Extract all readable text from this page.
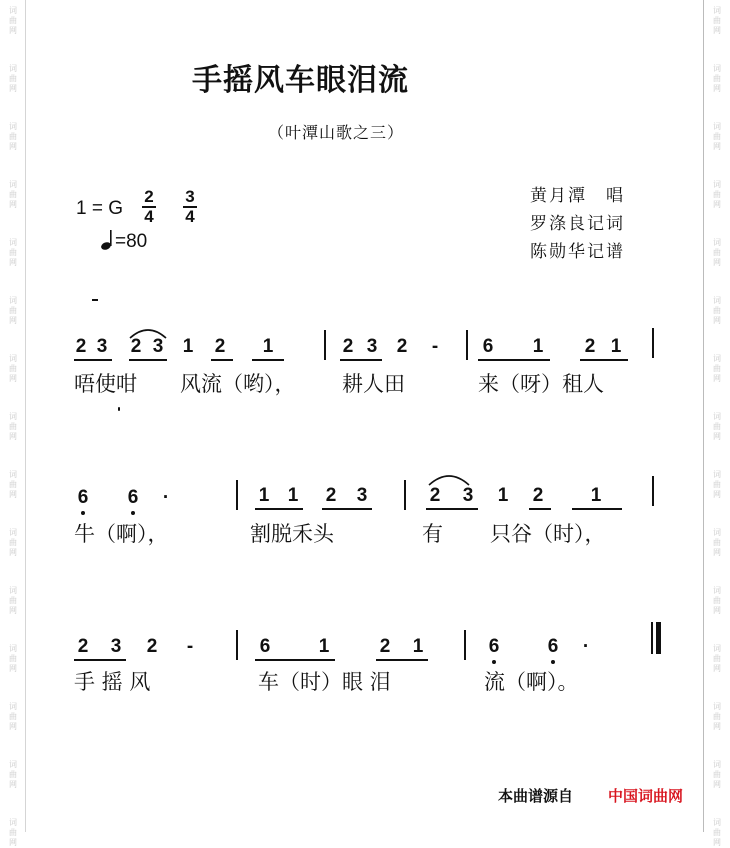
词
曲
网
词
曲
网
词
曲
网
词
曲
网
词
曲
网
词
曲
网
词
曲
网
词
曲
网
词
曲
网
词
曲
网
词
曲
网
词
曲
网
词
曲
网
词
曲
网
词
曲
网
词
曲
网
词
曲
网
词
曲
网
词
曲
网
词
曲
网
词
曲
网
词
曲
网
词
曲
网
词
曲
网
词
曲
网
词
曲
网
词
曲
网
词
曲
网
词
曲
网
词
曲
网
手摇风车眼泪流
（叶潭山歌之三）
1 = G
2
4
3
4
=80
黄月潭　唱
罗涤良记词
陈勋华记谱
2 3 2 3 1 2 1	2 3 2 - 6 1 2 1
唔使咁 风流（哟）， 耕人田	来（呀）租人
6 6 ·	1 1 2 3	2 3 1 2 1
牛（啊），	割脱禾头	有 只谷（时），
2 3 2 -	6	1	2 1	6	6 ·
手 摇 风	车（时）眼 泪	流（啊）。
本曲谱源自 中国词曲网
